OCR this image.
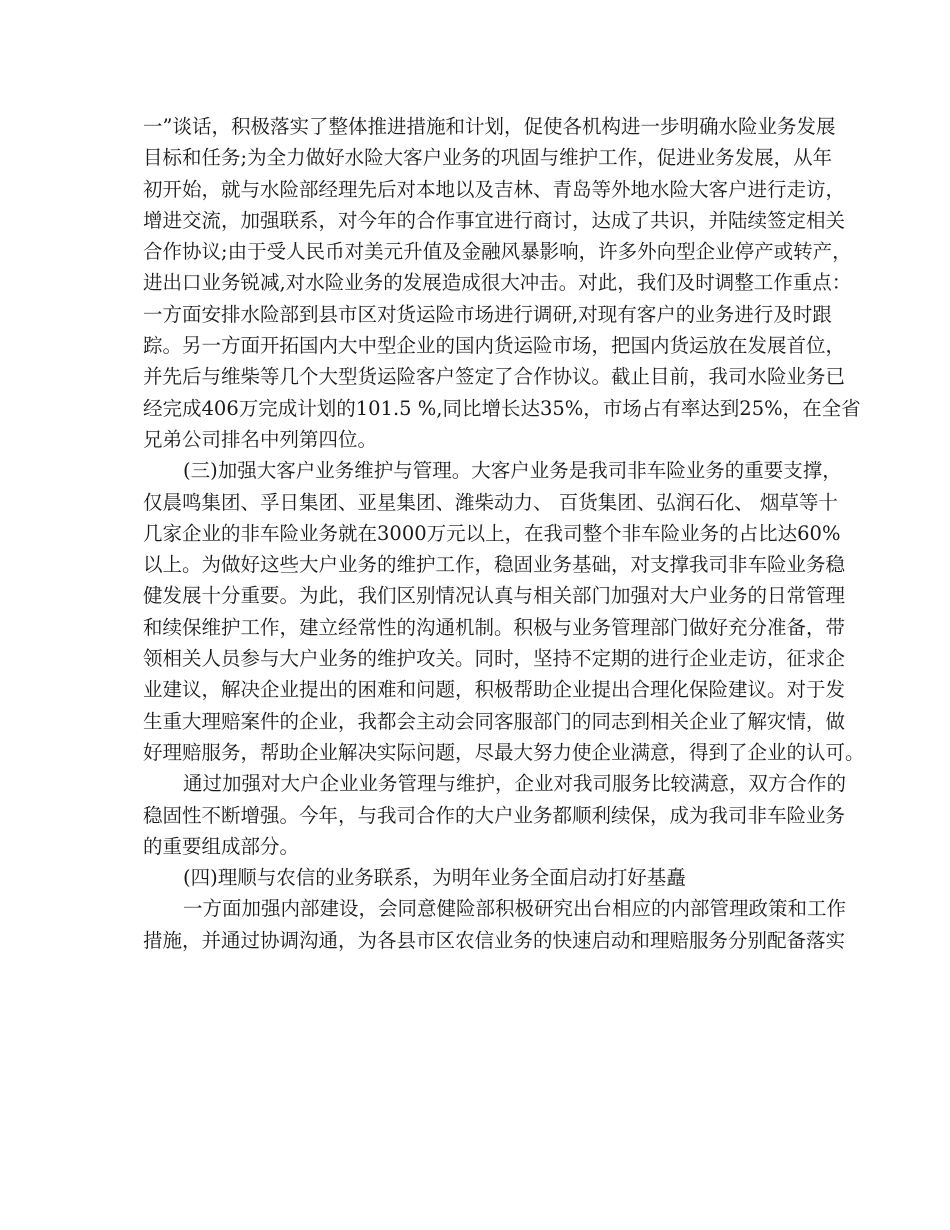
一”谈话，积极落实了整体推进措施和计划，促使各机构进一步明确水险业务发展
目标和任务;为全力做好水险大客户业务的巩固与维护工作，促进业务发展，从年
初开始，就与水险部经理先后对本地以及吉林、青岛等外地水险大客户进行走访，
增进交流，加强联系，对今年的合作事宜进行商讨，达成了共识，并陆续签定相关
合作协议;由于受人民币对美元升值及金融风暴影响，许多外向型企业停产或转产，
进出口业务锐减,对水险业务的发展造成很大冲击。对此，我们及时调整工作重点：
一方面安排水险部到县市区对货运险市场进行调研,对现有客户的业务进行及时跟
踪。另一方面开拓国内大中型企业的国内货运险市场，把国内货运放在发展首位，
并先后与维柴等几个大型货运险客户签定了合作协议。截止目前，我司水险业务已
经完成406万完成计划的101.5 %,同比增长达35%，市场占有率达到25%，在全省
兄弟公司排名中列第四位。
(三)加强大客户业务维护与管理。大客户业务是我司非车险业务的重要支撑，
仅晨鸣集团、孚日集团、亚星集团、潍柴动力、 百货集团、弘润石化、 烟草等十
几家企业的非车险业务就在3000万元以上，在我司整个非车险业务的占比达60%
以上。为做好这些大户业务的维护工作，稳固业务基础，对支撑我司非车险业务稳
健发展十分重要。为此，我们区别情况认真与相关部门加强对大户业务的日常管理
和续保维护工作，建立经常性的沟通机制。积极与业务管理部门做好充分准备，带
领相关人员参与大户业务的维护攻关。同时，坚持不定期的进行企业走访，征求企
业建议，解决企业提出的困难和问题，积极帮助企业提出合理化保险建议。对于发
生重大理赔案件的企业，我都会主动会同客服部门的同志到相关企业了解灾情，做
好理赔服务，帮助企业解决实际问题，尽最大努力使企业满意，得到了企业的认可。
通过加强对大户企业业务管理与维护，企业对我司服务比较满意，双方合作的
稳固性不断增强。今年，与我司合作的大户业务都顺利续保，成为我司非车险业务
的重要组成部分。
(四)理顺与农信的业务联系，为明年业务全面启动打好基矗
一方面加强内部建设，会同意健险部积极研究出台相应的内部管理政策和工作
措施，并通过协调沟通，为各县市区农信业务的快速启动和理赔服务分别配备落实
